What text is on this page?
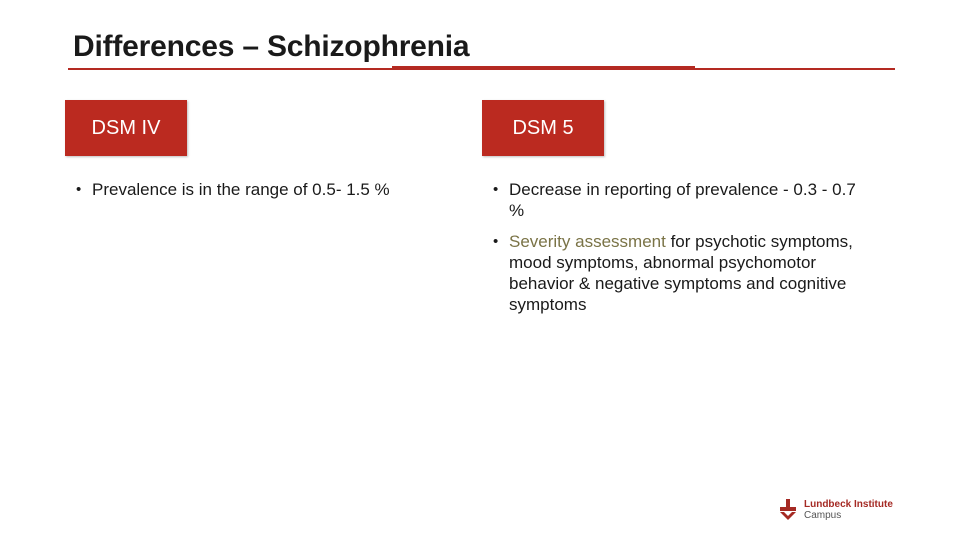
Differences – Schizophrenia
DSM IV	DSM 5
• Prevalence is in the range of 0.5- 1.5 %
•	Decrease in reporting of prevalence - 0.3 - 0.7 %
• Severity assessment for psychotic symptoms, mood symptoms, abnormal psychomotor behavior & negative symptoms and cognitive symptoms
Lundbeck Institute
Campus
